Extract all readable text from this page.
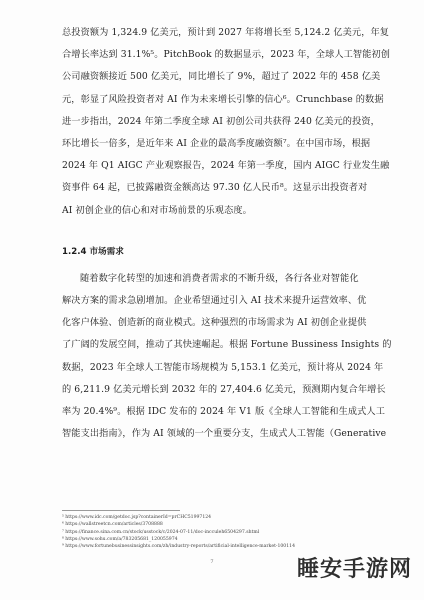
总投资额为 1,324.9 亿美元，预计到 2027 年将增长至 5,124.2 亿美元，年复

合增长率达到 31.1%⁵。PitchBook 的数据显示，2023 年，全球人工智能初创

公司融资额接近 500 亿美元，同比增长了 9%，超过了 2022 年的 458 亿美

元，彰显了风险投资者对 AI 作为未来增长引擎的信心⁶。Crunchbase 的数据

进一步指出，2024 年第二季度全球 AI 初创公司共获得 240 亿美元的投资，

环比增长一倍多，是近年来 AI 企业的最高季度融资额⁷。在中国市场，根据

2024 年 Q1 AIGC 产业观察报告，2024 年第一季度，国内 AIGC 行业发生融

资事件 64 起，已披露融资金额高达 97.30 亿人民币⁸。这显示出投资者对

AI 初创企业的信心和对市场前景的乐观态度。

1.2.4 市场需求

随着数字化转型的加速和消费者需求的不断升级，各行各业对智能化

解决方案的需求急剧增加。企业希望通过引入 AI 技术来提升运营效率、优

化客户体验、创造新的商业模式。这种强烈的市场需求为 AI 初创企业提供

了广阔的发展空间，推动了其快速崛起。根据 Fortune Bussiness Insights 的

数据，2023 年全球人工智能市场规模为 5,153.1 亿美元，预计将从 2024 年

的 6,211.9 亿美元增长到 2032 年的 27,404.6 亿美元，预测期内复合年增长

率为 20.4%⁹。根据 IDC 发布的 2024 年 V1 版《全球人工智能和生成式人工

智能支出指南》，作为 AI 领域的一个重要分支，生成式人工智能（Generative

⁵ https://www.idc.com/getdoc.jsp?containerId=prCHC51997124
⁶ https://wallstreetcn.com/articles/3708888
⁷ https://finance.sina.com.cn/stock/usstock/c/2024-07-11/doc-incculeh6504297.shtml
⁸ https://www.sohu.com/a/783205681_120055974
⁹ https://www.fortunebusinessinsights.com/zh/industry-reports/artificial-intelligence-market-100114
7	睡安手游网
